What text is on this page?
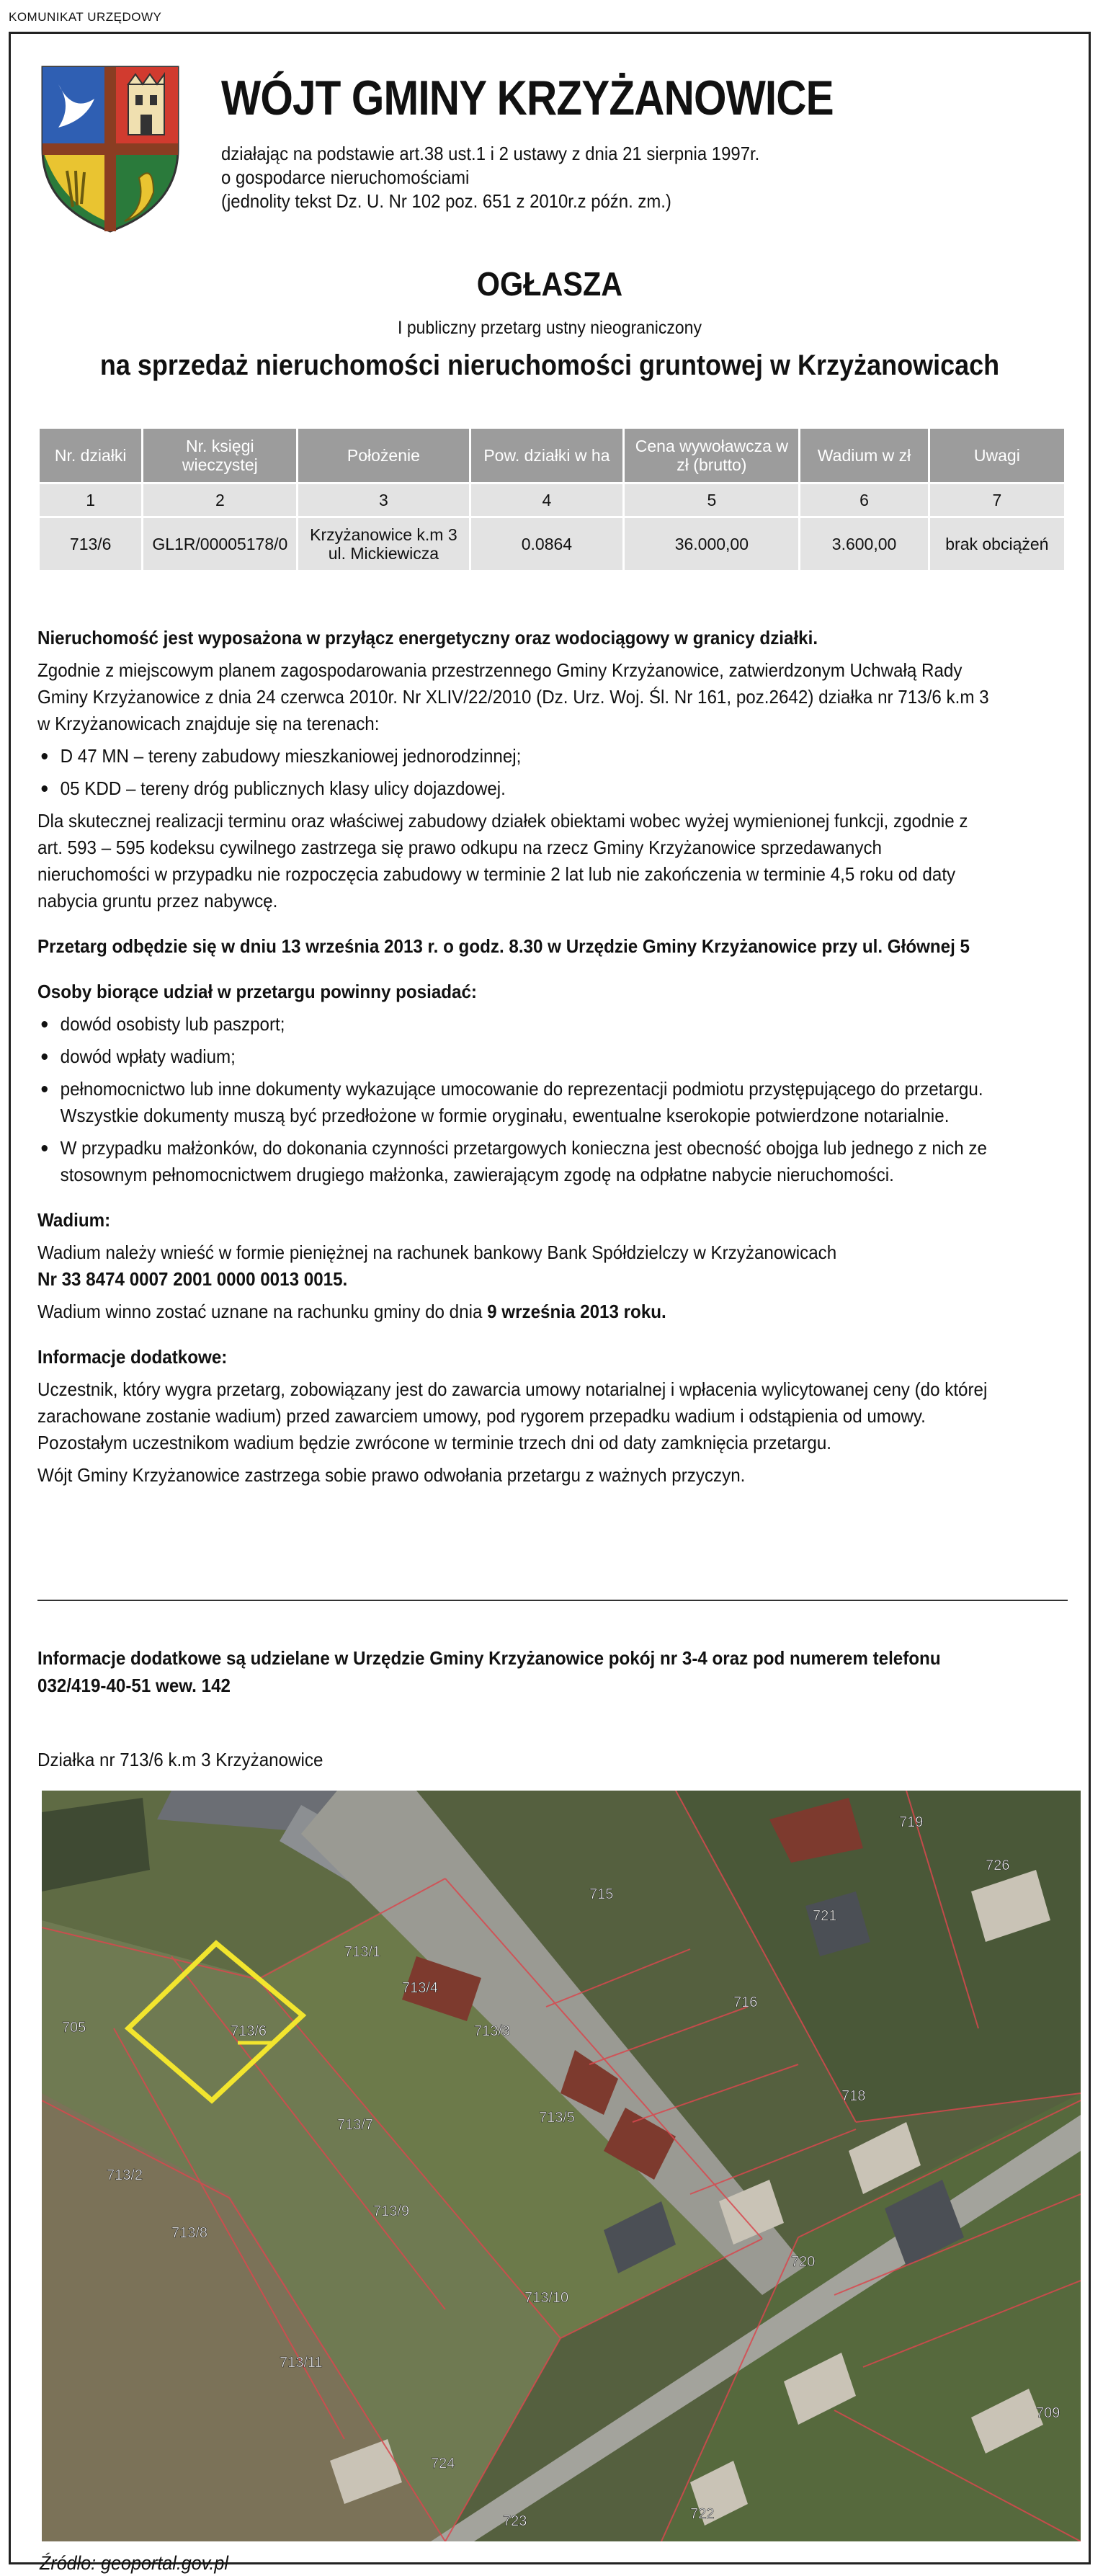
KOMUNIKAT URZĘDOWY
WÓJT GMINY KRZYŻANOWICE
działając na podstawie art.38 ust.1 i 2 ustawy z dnia 21 sierpnia 1997r.
o gospodarce nieruchomościami
(jednolity tekst Dz. U. Nr 102 poz. 651 z 2010r.z późn. zm.)
OGŁASZA
I publiczny przetarg ustny nieograniczony
na sprzedaż nieruchomości nieruchomości gruntowej w Krzyżanowicach
Nr. działki	Nr. księgi wieczystej	Położenie	Pow. działki w ha	Cena wywoławcza w zł (brutto)	Wadium w zł	Uwagi
1	2	3	4	5	6	7
713/6	GL1R/00005178/0	Krzyżanowice k.m 3 ul. Mickiewicza	0.0864	36.000,00	3.600,00	brak obciążeń

Nieruchomość jest wyposażona w przyłącz energetyczny oraz wodociągowy w granicy działki.

Zgodnie z miejscowym planem zagospodarowania przestrzennego Gminy Krzyżanowice, zatwierdzonym Uchwałą Rady Gminy Krzyżanowice z dnia 24 czerwca 2010r. Nr XLIV/22/2010 (Dz. Urz. Woj. Śl. Nr 161, poz.2642) działka nr 713/6 k.m 3 w Krzyżanowicach znajduje się na terenach:

D 47 MN – tereny zabudowy mieszkaniowej jednorodzinnej;
05 KDD – tereny dróg publicznych klasy ulicy dojazdowej.

Dla skutecznej realizacji terminu oraz właściwej zabudowy działek obiektami wobec wyżej wymienionej funkcji, zgodnie z art. 593 – 595 kodeksu cywilnego zastrzega się prawo odkupu na rzecz Gminy Krzyżanowice sprzedawanych nieruchomości w przypadku nie rozpoczęcia zabudowy w terminie 2 lat lub nie zakończenia w terminie 4,5 roku od daty nabycia gruntu przez nabywcę.

Przetarg odbędzie się w dniu 13 września 2013 r. o godz. 8.30 w Urzędzie Gminy Krzyżanowice przy ul. Głównej 5

Osoby biorące udział w przetargu powinny posiadać:

dowód osobisty lub paszport;
dowód wpłaty wadium;
pełnomocnictwo lub inne dokumenty wykazujące umocowanie do reprezentacji podmiotu przystępującego do przetargu. Wszystkie dokumenty muszą być przedłożone w formie oryginału, ewentualne kserokopie potwierdzone notarialnie.
W przypadku małżonków, do dokonania czynności przetargowych konieczna jest obecność obojga lub jednego z nich ze stosownym pełnomocnictwem drugiego małżonka, zawierającym zgodę na odpłatne nabycie nieruchomości.

Wadium:

Wadium należy wnieść w formie pieniężnej na rachunek bankowy Bank Spółdzielczy w Krzyżanowicach

Nr 33 8474 0007 2001 0000 0013 0015.

Wadium winno zostać uznane na rachunku gminy do dnia 9 września 2013 roku.

Informacje dodatkowe:

Uczestnik, który wygra przetarg, zobowiązany jest do zawarcia umowy notarialnej i wpłacenia wylicytowanej ceny (do której zarachowane zostanie wadium) przed zawarciem umowy, pod rygorem przepadku wadium i odstąpienia od umowy. Pozostałym uczestnikom wadium będzie zwrócone w terminie trzech dni od daty zamknięcia przetargu.

Wójt Gminy Krzyżanowice zastrzega sobie prawo odwołania przetargu z ważnych przyczyn.

Informacje dodatkowe są udzielane w Urzędzie Gminy Krzyżanowice pokój nr 3-4 oraz pod numerem telefonu 032/419-40-51 wew. 142
Działka nr 713/6 k.m 3 Krzyżanowice
705
713/4
713/6
713/7
713/3
713/2
713/1
713/9
713/8
713/10
713/11
713/5
715
716
718
719
720
721
722
723
724
726
709
Źródło: geoportal.gov.pl
